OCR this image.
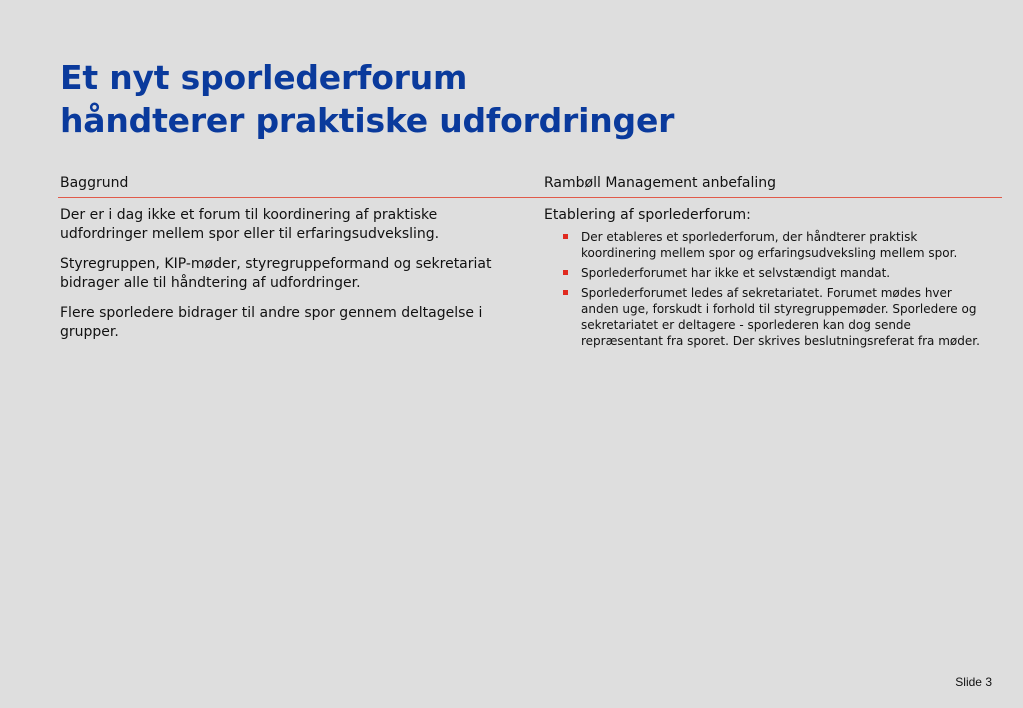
Et nyt sporlederforum
håndterer praktiske udfordringer
Baggrund	Rambøll Management anbefaling

Der er i dag ikke et forum til koordinering af praktiske udfordringer mellem spor eller til erfaringsudveksling.

Styregruppen, KIP-møder, styregruppeformand og sekretariat bidrager alle til håndtering af udfordringer.

Flere sporledere bidrager til andre spor gennem deltagelse i grupper.

Etablering af sporlederforum:

Der etableres et sporlederforum, der håndterer praktisk koordinering mellem spor og erfaringsudveksling mellem spor.
Sporlederforumet har ikke et selvstændigt mandat.
Sporlederforumet ledes af sekretariatet. Forumet mødes hver anden uge, forskudt i forhold til styregruppemøder. Sporledere og sekretariatet er deltagere - sporlederen kan dog sende repræsentant fra sporet. Der skrives beslutningsreferat fra møder.
Slide 3
